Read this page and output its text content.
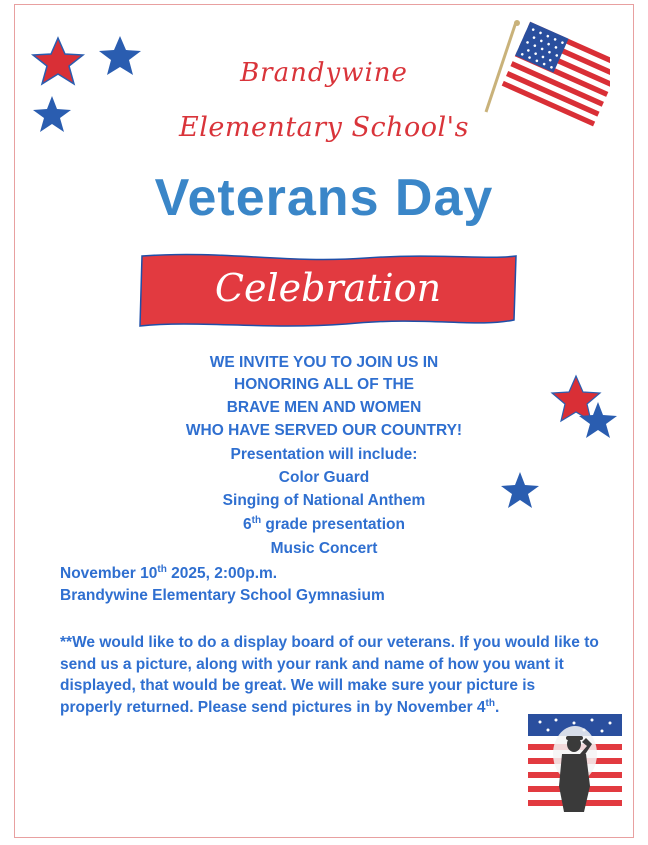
Brandywine
Elementary School's
Veterans Day
Celebration
WE INVITE YOU TO JOIN US IN
HONORING ALL OF THE
BRAVE MEN AND WOMEN
WHO HAVE SERVED OUR COUNTRY!
Presentation will include:
Color Guard
Singing of National Anthem
6th grade presentation
Music Concert
November 10th 2025, 2:00p.m.
Brandywine Elementary School Gymnasium
**We would like to do a display board of our veterans. If you would like to send us a picture, along with your rank and name of how you want it displayed, that would be great. We will make sure your picture is properly returned. Please send pictures in by November 4th.
